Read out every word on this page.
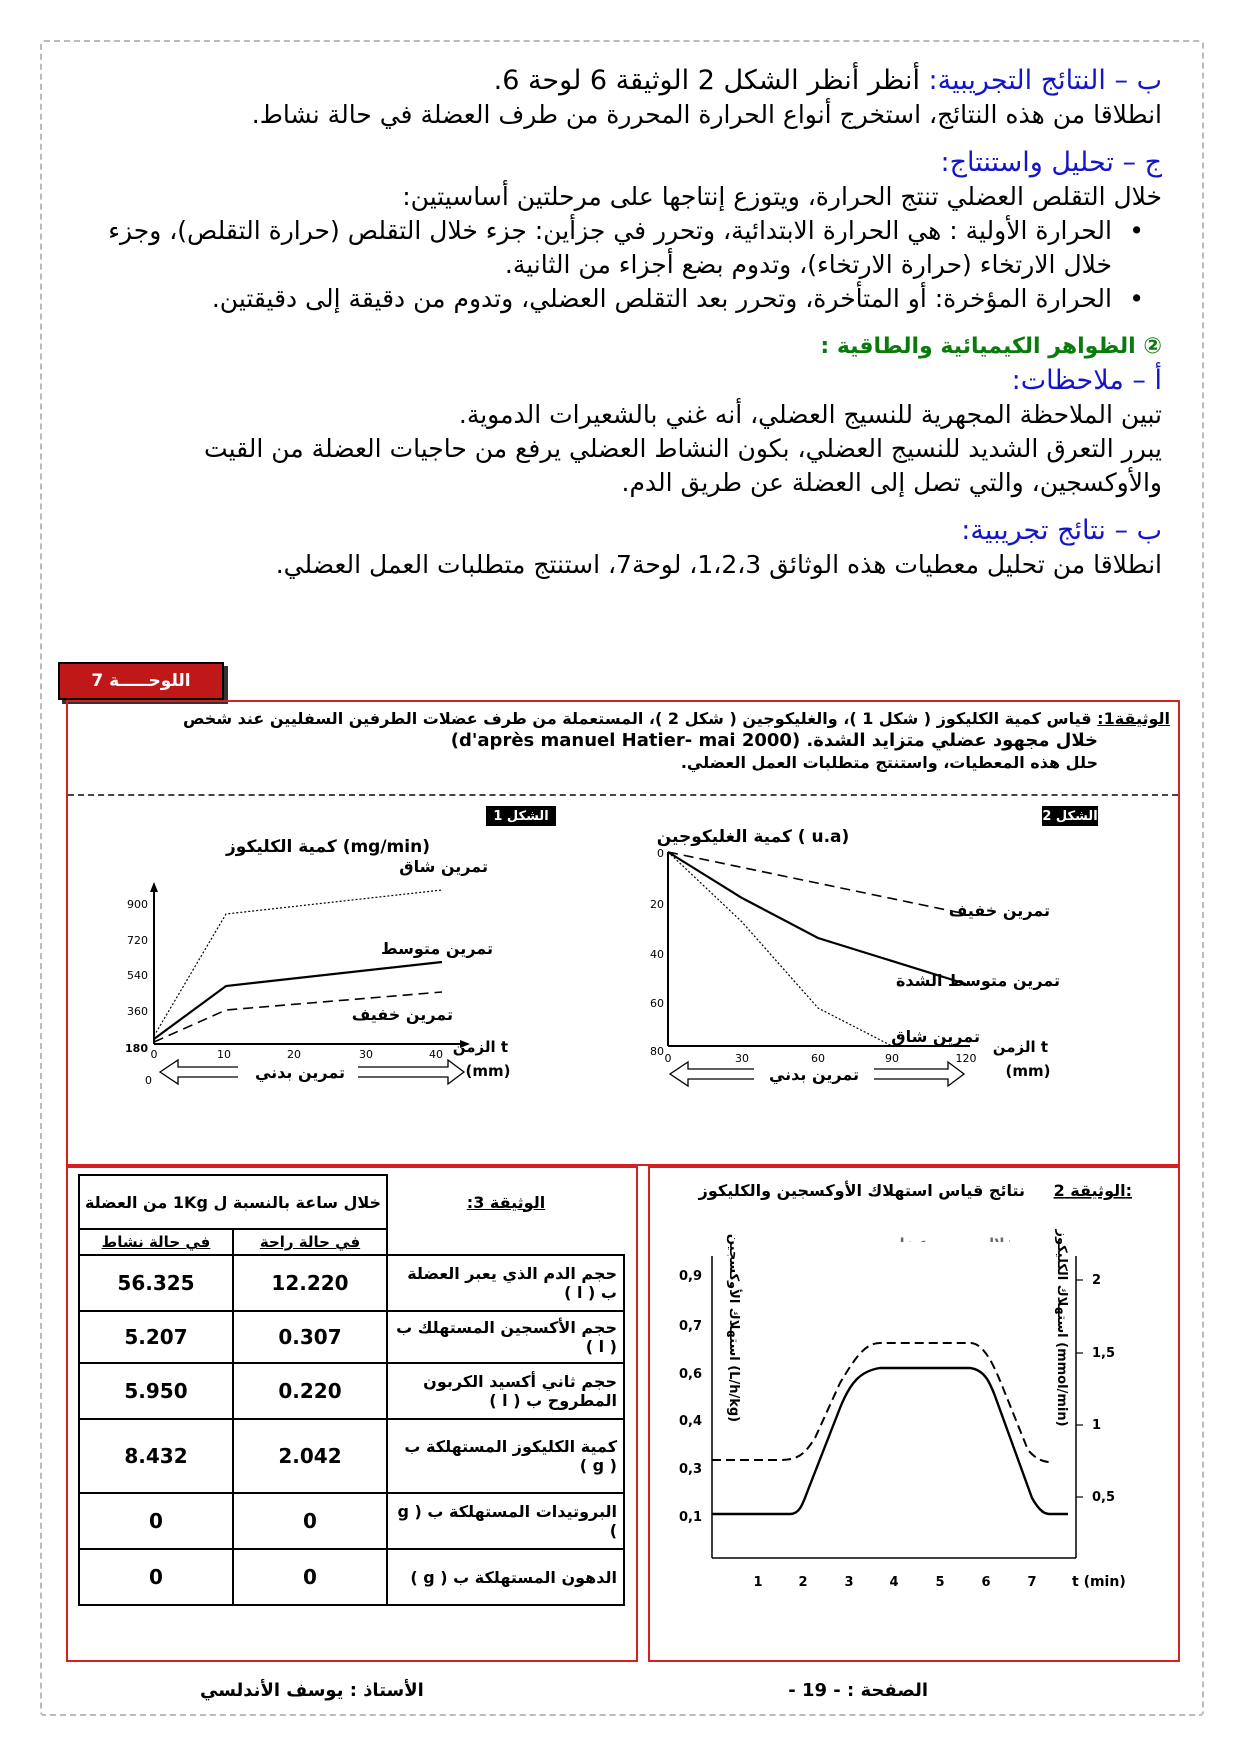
ب – النتائج التجريبية: أنظر أنظر الشكل 2 الوثيقة 6 لوحة 6.

انطلاقا من هذه النتائج، استخرج أنواع الحرارة المحررة من طرف العضلة في حالة نشاط.

ج – تحليل واستنتاج:

خلال التقلص العضلي تنتج الحرارة، ويتوزع إنتاجها على مرحلتين أساسيتين:

• الحرارة الأولية : هي الحرارة الابتدائية، وتحرر في جزأين: جزء خلال التقلص (حرارة التقلص)، وجزء خلال الارتخاء (حرارة الارتخاء)، وتدوم بضع أجزاء من الثانية.

• الحرارة المؤخرة: أو المتأخرة، وتحرر بعد التقلص العضلي، وتدوم من دقيقة إلى دقيقتين.

② الظواهر الكيميائية والطاقية :

أ – ملاحظات:

تبين الملاحظة المجهرية للنسيج العضلي، أنه غني بالشعيرات الدموية.

يبرر التعرق الشديد للنسيج العضلي، بكون النشاط العضلي يرفع من حاجيات العضلة من القيت والأوكسجين، والتي تصل إلى العضلة عن طريق الدم.

ب – نتائج تجريبية:

انطلاقا من تحليل معطيات هذه الوثائق 1،2،3، لوحة7، استنتج متطلبات العمل العضلي.

اللوحـــــة 7
الوثيقة1: قياس كمية الكليكوز ( شكل 1 )، والغليكوجين ( شكل 2 )، المستعملة من طرف عضلات الطرفين السفليين عند شخص
خلال مجهود عضلي متزايد الشدة. (d'après manuel Hatier- mai 2000)
حلل هذه المعطيات، واستنتج متطلبات العمل العضلي.
الشكل 1
كمية الكليكوز (mg/min)
900
720
540
360
180
0
0	10	20	30	40
تمرين شاق
تمرين متوسط
تمرين خفيف
الزمن t
(mm)
تمرين بدني
الشكل 2
كمية الغليكوجين ( u.a)
0
20
40
60
80
0	30	60	90	120
تمرين خفيف
تمرين متوسط الشدة
تمرين شاق
الزمن t
(mm)
تمرين بدني
الوثيقة 3:	خلال ساعة بالنسبة ل 1Kg من العضلة	
	في حالة راحة	في حالة نشاط
حجم الدم الذي يعبر العضلة ب ( l )	12.220	56.325
حجم الأكسجين المستهلك ب ( l )	0.307	5.207
حجم ثاني أكسيد الكربون المطروح ب ( l )	0.220	5.950
كمية الكليكوز المستهلكة ب ( g )	2.042	8.432
البروتيدات المستهلكة ب ( g )	0	0
الدهون المستهلكة ب ( g )	0	0
الوثيقة 2:
نتائج قياس استهلاك الأوكسجين والكليكوز
0,9
0,7
0,6
0,4
0,3
0,1
2
1,5
1
0,5
1	2	3	4	5	6	7	t (min)
استهلاك الأوكسجين (L/h/kg)
استهلاك الكليكوز (mmol/min)
الصفحة : - 19 -
الأستاذ : يوسف الأندلسي
